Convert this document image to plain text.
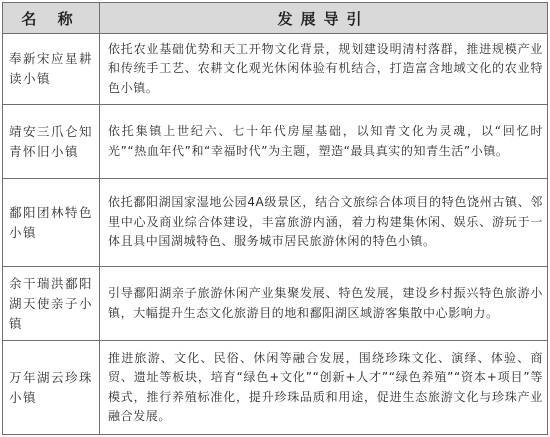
名 称	发展导引
奉新宋应星耕读小镇	依托农业基础优势和天工开物文化背景，规划建设明清村落群，推进规模产业和传统手工艺、农耕文化观光休闲体验有机结合，打造富含地域文化的农业特色小镇。
靖安三爪仑知青怀旧小镇	依托集镇上世纪六、七十年代房屋基础，以知青文化为灵魂，以“回忆时光”“热血年代”和“幸福时代”为主题，塑造“最具真实的知青生活”小镇。
鄱阳团林特色小镇	依托鄱阳湖国家湿地公园4A级景区，结合文旅综合体项目的特色饶州古镇、邻里中心及商业综合体建设，丰富旅游内涵，着力构建集休闲、娱乐、游玩于一体且具中国湖城特色、服务城市居民旅游休闲的特色小镇。
余干瑞洪鄱阳湖天使亲子小镇	引导鄱阳湖亲子旅游休闲产业集聚发展、特色发展，建设乡村振兴特色旅游小镇，大幅提升生态文化旅游目的地和鄱阳湖区域游客集散中心影响力。
万年湖云珍珠小镇	推进旅游、文化、民俗、休闲等融合发展，围绕珍珠文化、演绎、体验、商贸、遗址等板块，培育“绿色+文化”“创新+人才”“绿色养殖”“资本+项目”等模式，推行养殖标准化，提升珍珠品质和用途，促进生态旅游文化与珍珠产业融合发展。
